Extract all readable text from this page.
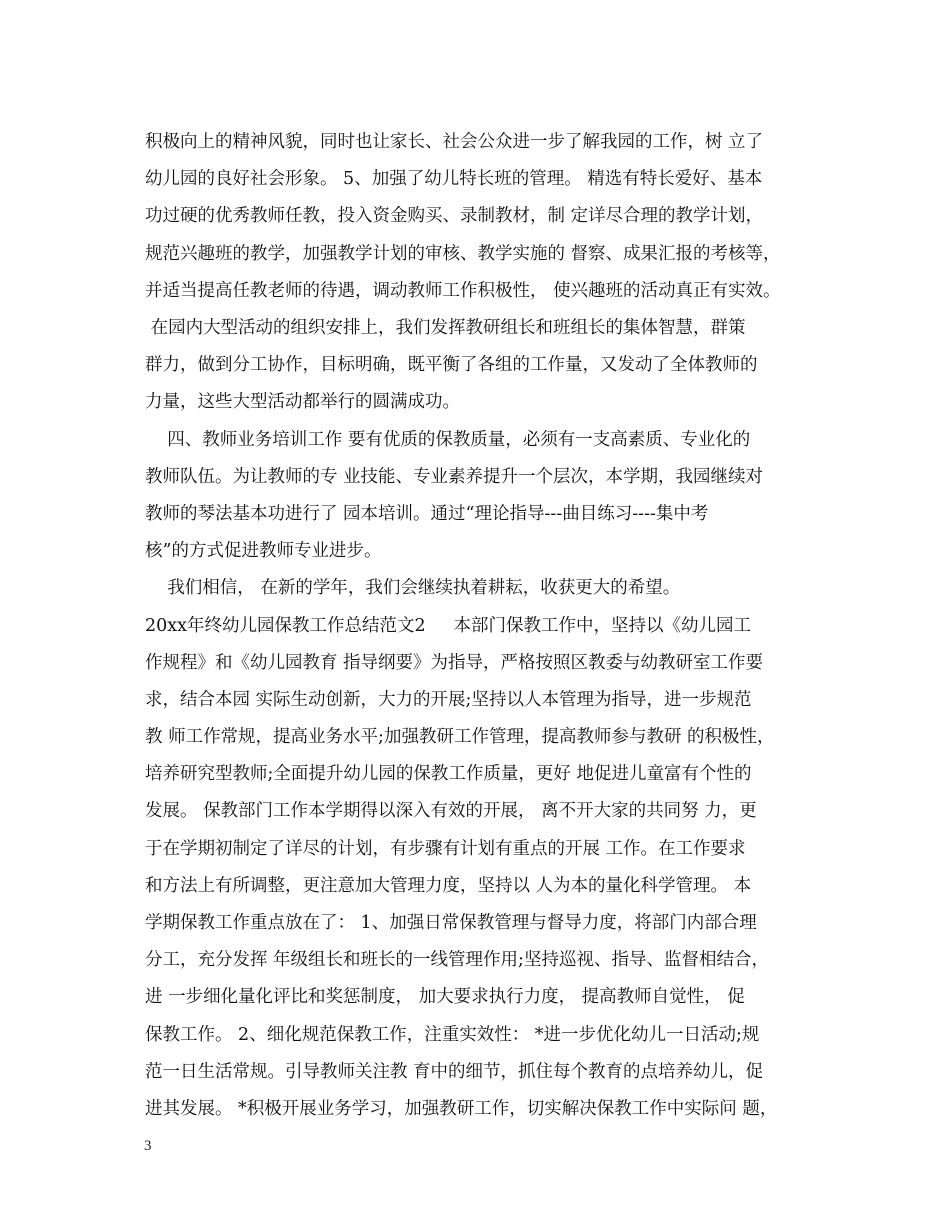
积极向上的精神风貌，同时也让家长、社会公众进一步了解我园的工作，树 立了
幼儿园的良好社会形象。 5、加强了幼儿特长班的管理。 精选有特长爱好、基本
功过硬的优秀教师任教，投入资金购买、录制教材，制 定详尽合理的教学计划，
规范兴趣班的教学，加强教学计划的审核、教学实施的 督察、成果汇报的考核等，
并适当提高任教老师的待遇，调动教师工作积极性， 使兴趣班的活动真正有实效。
在园内大型活动的组织安排上，我们发挥教研组长和班组长的集体智慧，群策
群力，做到分工协作，目标明确，既平衡了各组的工作量，又发动了全体教师的
力量，这些大型活动都举行的圆满成功。
四、教师业务培训工作 要有优质的保教质量，必须有一支高素质、专业化的
教师队伍。为让教师的专 业技能、专业素养提升一个层次，本学期，我园继续对
教师的琴法基本功进行了 园本培训。通过“理论指导---曲目练习----集中考
核”的方式促进教师专业进步。
我们相信， 在新的学年，我们会继续执着耕耘，收获更大的希望。
20xx年终幼儿园保教工作总结范文2     本部门保教工作中，坚持以《幼儿园工
作规程》和《幼儿园教育 指导纲要》为指导，严格按照区教委与幼教研室工作要
求，结合本园 实际生动创新，大力的开展;坚持以人本管理为指导，进一步规范
教 师工作常规，提高业务水平;加强教研工作管理，提高教师参与教研 的积极性，
培养研究型教师;全面提升幼儿园的保教工作质量，更好 地促进儿童富有个性的
发展。 保教部门工作本学期得以深入有效的开展， 离不开大家的共同努 力，更
于在学期初制定了详尽的计划，有步骤有计划有重点的开展 工作。在工作要求
和方法上有所调整，更注意加大管理力度，坚持以 人为本的量化科学管理。 本
学期保教工作重点放在了： 1、加强日常保教管理与督导力度，将部门内部合理
分工，充分发挥 年级组长和班长的一线管理作用;坚持巡视、指导、监督相结合，
进 一步细化量化评比和奖惩制度， 加大要求执行力度， 提高教师自觉性， 促
保教工作。 2、细化规范保教工作，注重实效性： *进一步优化幼儿一日活动;规
范一日生活常规。引导教师关注教 育中的细节，抓住每个教育的点培养幼儿，促
进其发展。 *积极开展业务学习，加强教研工作，切实解决保教工作中实际问 题，
3
